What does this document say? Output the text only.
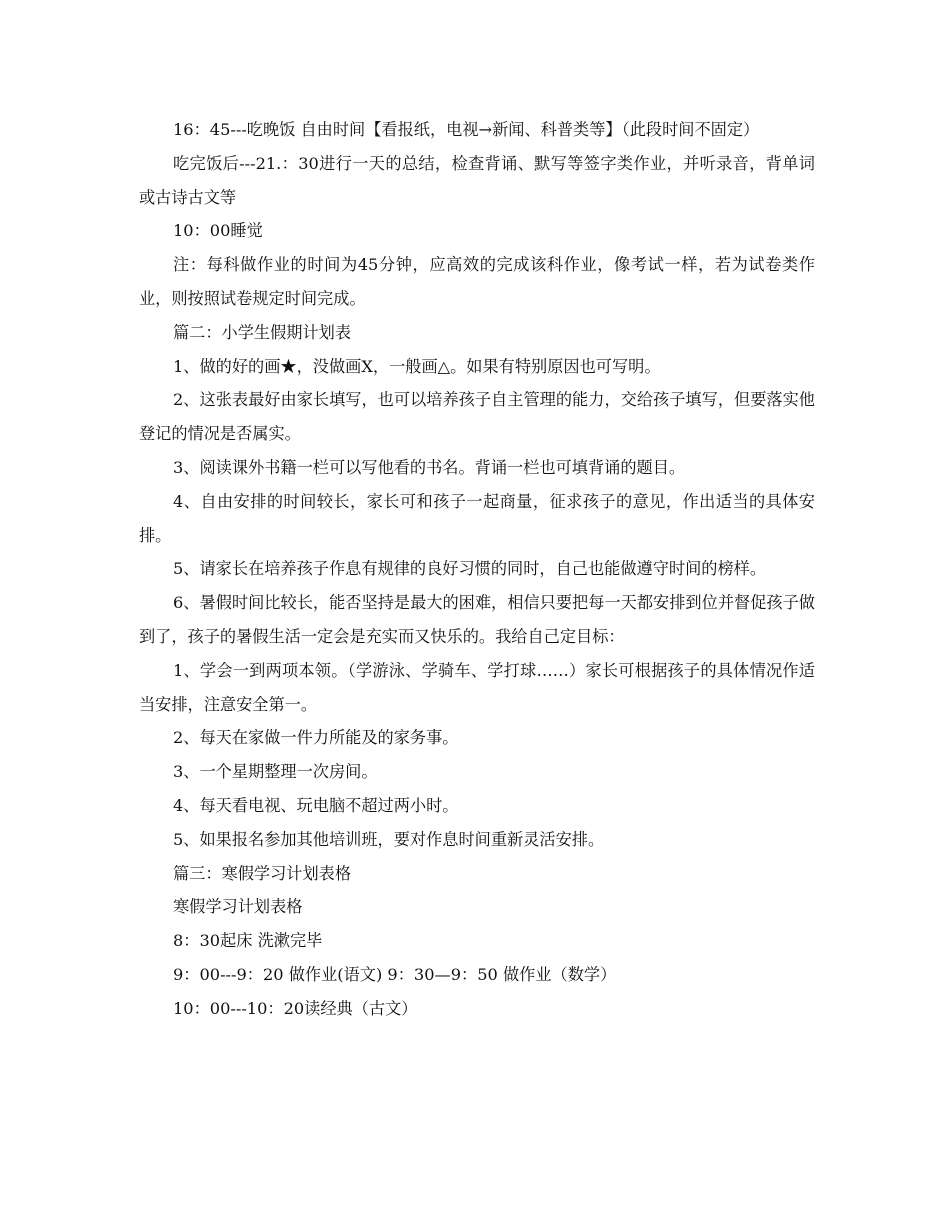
16：45---吃晚饭 自由时间【看报纸，电视→新闻、科普类等】（此段时间不固定）

吃完饭后---21.：30进行一天的总结，检查背诵、默写等签字类作业，并听录音，背单词或古诗古文等

10：00睡觉

注：每科做作业的时间为45分钟，应高效的完成该科作业，像考试一样，若为试卷类作业，则按照试卷规定时间完成。

篇二：小学生假期计划表

1、做的好的画★，没做画X，一般画△。如果有特别原因也可写明。

2、这张表最好由家长填写，也可以培养孩子自主管理的能力，交给孩子填写，但要落实他登记的情况是否属实。

3、阅读课外书籍一栏可以写他看的书名。背诵一栏也可填背诵的题目。

4、自由安排的时间较长，家长可和孩子一起商量，征求孩子的意见，作出适当的具体安排。

5、请家长在培养孩子作息有规律的良好习惯的同时，自己也能做遵守时间的榜样。

6、暑假时间比较长，能否坚持是最大的困难，相信只要把每一天都安排到位并督促孩子做到了，孩子的暑假生活一定会是充实而又快乐的。我给自己定目标：

1、学会一到两项本领。（学游泳、学骑车、学打球……）家长可根据孩子的具体情况作适当安排，注意安全第一。

2、每天在家做一件力所能及的家务事。

3、一个星期整理一次房间。

4、每天看电视、玩电脑不超过两小时。

5、如果报名参加其他培训班，要对作息时间重新灵活安排。

篇三：寒假学习计划表格

寒假学习计划表格

8：30起床 洗漱完毕

9：00---9：20 做作业(语文) 9：30—9：50 做作业（数学）

10：00---10：20读经典（古文）
